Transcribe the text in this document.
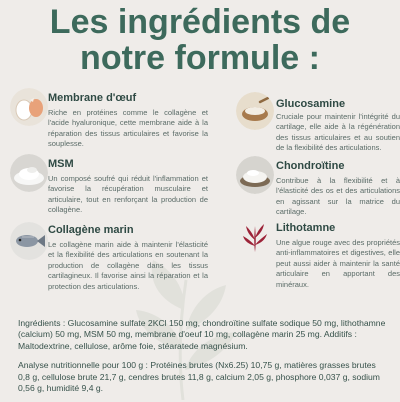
Les ingrédients de
notre formule :
Membrane d'œuf

Riche en protéines comme le collagène et l'acide hyaluronique, cette membrane aide à la réparation des tissus articulaires et favorise la souplesse.

MSM

Un composé soufré qui réduit l'inflammation et favorise la récupération musculaire et articulaire, tout en renforçant la production de collagène.

Collagène marin

Le collagène marin aide à maintenir l'élasticité et la flexibilité des articulations en soutenant la production de collagène dans les tissus cartilagineux. Il favorise ainsi la réparation et la protection des articulations.

Glucosamine

Cruciale pour maintenir l'intégrité du cartilage, elle aide à la régénération des tissus articulaires et au soutien de la flexibilité des articulations.

Chondroïtine

Contribue à la flexibilité et à l'élasticité des os et des articulations en agissant sur la matrice du cartilage.

Lithotamne

Une algue rouge avec des propriétés anti-inflammatoires et digestives, elle peut aussi aider à maintenir la santé articulaire en apportant des minéraux.

Ingrédients : Glucosamine sulfate 2KCl 150 mg, chondroïtine sulfate sodique 50 mg, lithothamne (calcium) 50 mg, MSM 50 mg, membrane d'oeuf 10 mg, collagène marin 25 mg. Additifs : Maltodextrine, cellulose, arôme foie, stéaratede magnésium.

Analyse nutritionnelle pour 100 g : Protéines brutes (Nx6.25) 10,75 g, matières grasses brutes 0,8 g, cellulose brute 21,7 g, cendres brutes 11,8 g, calcium 2,05 g, phosphore 0,037 g, sodium 0,56 g, humidité 9,4 g.
